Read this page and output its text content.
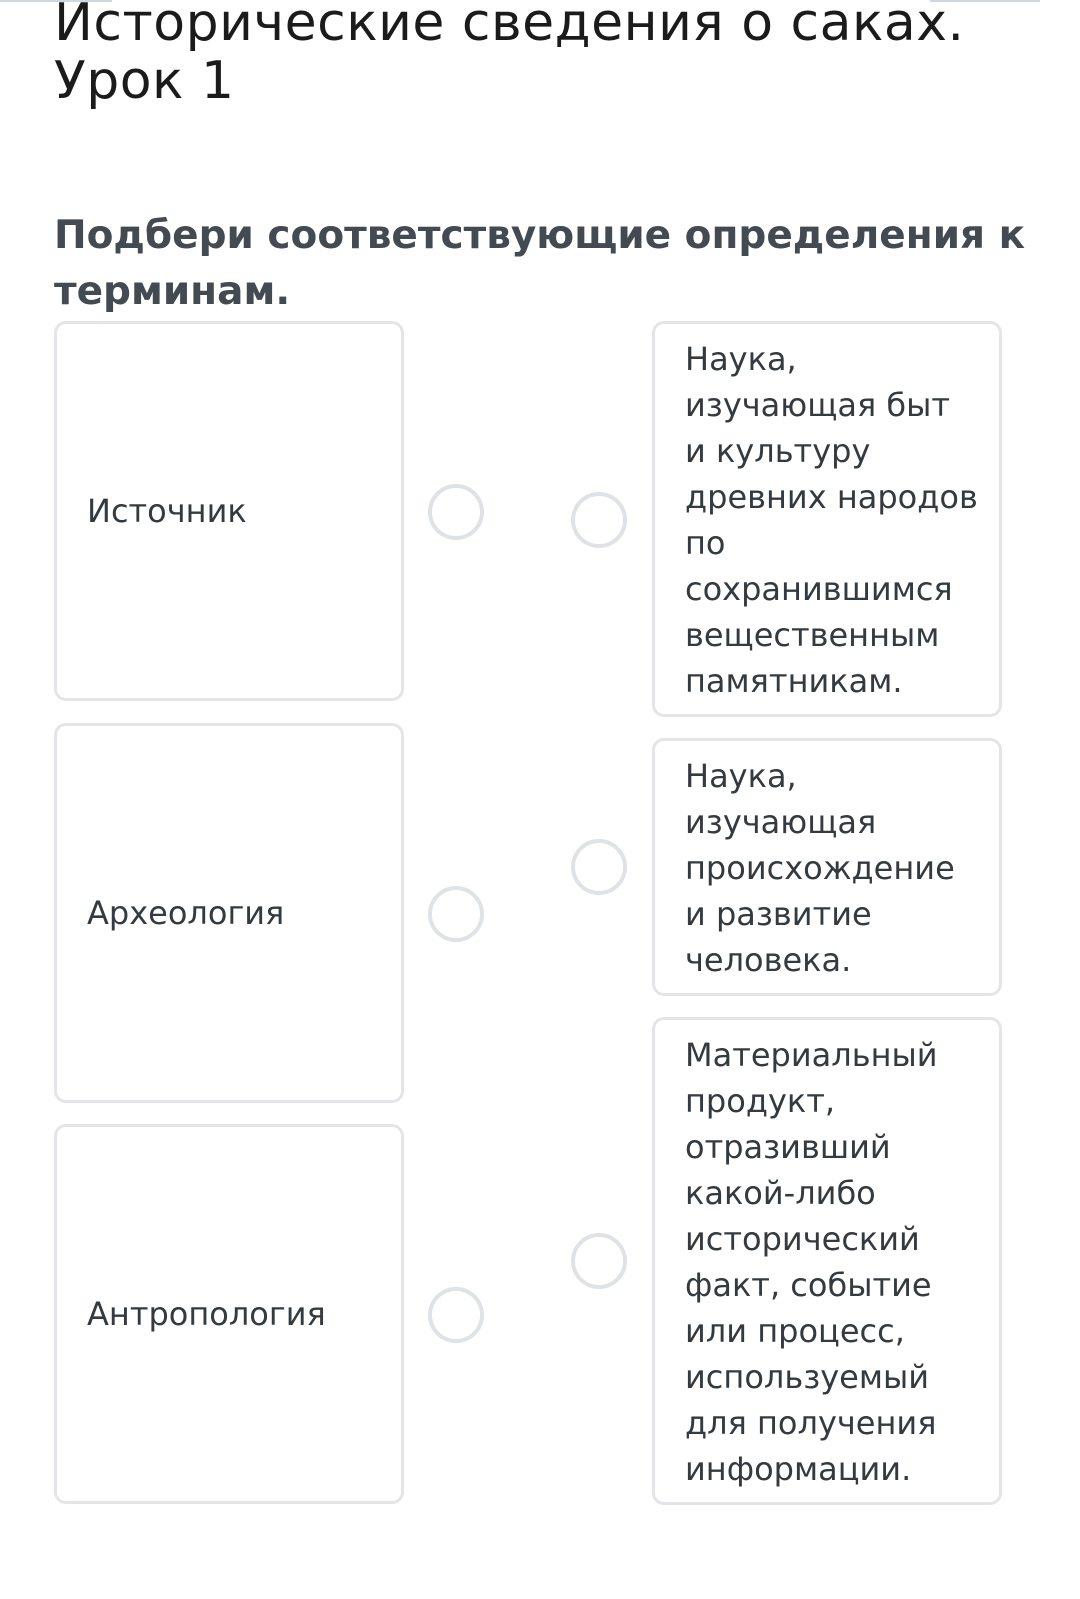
Исторические сведения о саках. Урок 1
Подбери соответствующие определения к терминам.
Источник
Археология
Антропология
Наука,
изучающая быт
и культуру
древних народов
по
сохранившимся
вещественным
памятникам.
Наука,
изучающая
происхождение
и развитие
человека.
Материальный
продукт,
отразивший
какой-либо
исторический
факт, событие
или процесс,
используемый
для получения
информации.
